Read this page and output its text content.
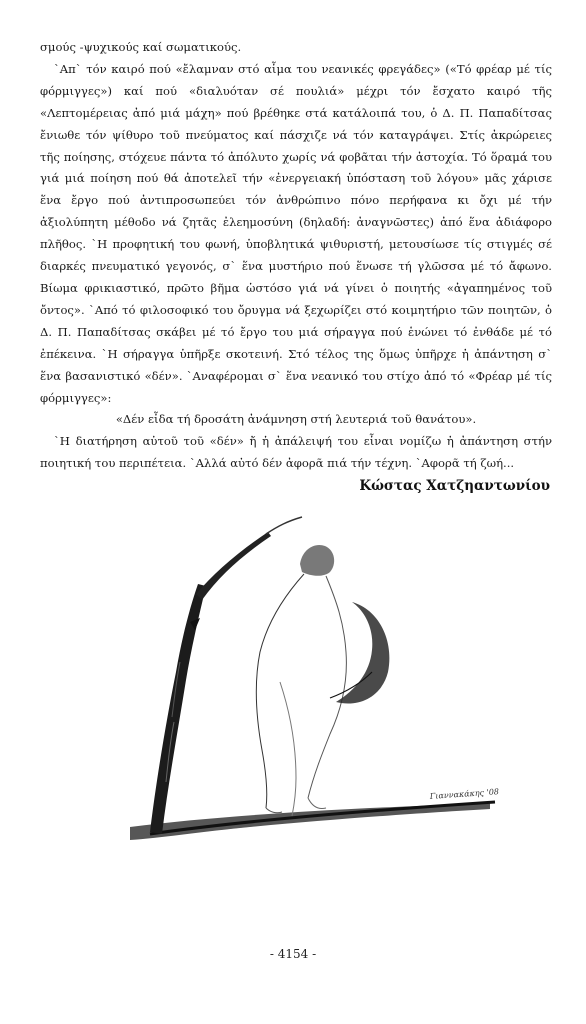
σμούς -ψυχικούς καί σωματικούς.

`Απ` τόν καιρό πού «ἔλαμναν στό αἷμα του νεανικές φρεγάδες» («Τό φρέαρ μέ τίς φόρμιγγες») καί πού «διαλυόταν σέ πουλιά» μέχρι τόν ἔσχατο καιρό τῆς «Λεπτομέρειας ἀπό μιά μάχη» πού βρέθηκε στά κατάλοιπά του, ὁ Δ. Π. Παπαδίτσας ἔνιωθε τόν ψίθυρο τοῦ πνεύματος καί πάσχιζε νά τόν καταγράψει. Στίς ἀκρώρειες τῆς ποίησης, στόχευε πάντα τό ἀπόλυτο χωρίς νά φοβᾶται τήν ἀστοχία. Τό ὅραμά του γιά μιά ποίηση πού θά ἀποτελεῖ τήν «ἐνεργειακή ὑπόσταση τοῦ λόγου» μᾶς χάρισε ἕνα ἔργο πού ἀντιπροσωπεύει τόν ἀνθρώπινο πόνο περήφανα κι ὄχι μέ τήν ἀξιολύπητη μέθοδο νά ζητᾶς ἐλεημοσύνη (δηλαδή: ἀναγνῶστες) ἀπό ἕνα ἀδιάφορο πλῆθος. `Η προφητική του φωνή, ὑποβλητικά ψιθυριστή, μετουσίωσε τίς στιγμές σέ διαρκές πνευματικό γεγονός, σ` ἕνα μυστήριο πού ἕνωσε τή γλῶσσα μέ τό ἄφωνο. Βίωμα φρικιαστικό, πρῶτο βῆμα ὡστόσο γιά νά γίνει ὁ ποιητής «ἀγαπημένος τοῦ ὄντος». `Από τό φιλοσοφικό του ὄρυγμα νά ξεχωρίζει στό κοιμητήριο τῶν ποιητῶν, ὁ Δ. Π. Παπαδίτσας σκάβει μέ τό ἔργο του μιά σήραγγα πού ἑνώνει τό ἐνθάδε μέ τό ἐπέκεινα. `Η σήραγγα ὑπῆρξε σκοτεινή. Στό τέλος της ὅμως ὑπῆρχε ἡ ἀπάντηση σ` ἕνα βασανιστικό «δέν». `Αναφέρομαι σ` ἕνα νεανικό του στίχο ἀπό τό «Φρέαρ μέ τίς φόρμιγγες»:

«Δέν εἶδα τή δροσάτη ἀνάμνηση στή λευτεριά τοῦ θανάτου».

`Η διατήρηση αὐτοῦ τοῦ «δέν» ἤ ἡ ἀπάλειψή του εἶναι νομίζω ἡ ἀπάντηση στήν ποιητική του περιπέτεια. `Αλλά αὐτό δέν ἀφορᾶ πιά τήν τέχνη. `Αφορᾶ τή ζωή...

Κώστας Χατζηαντωνίου
Γιαννακάκης '08
- 4154 -
